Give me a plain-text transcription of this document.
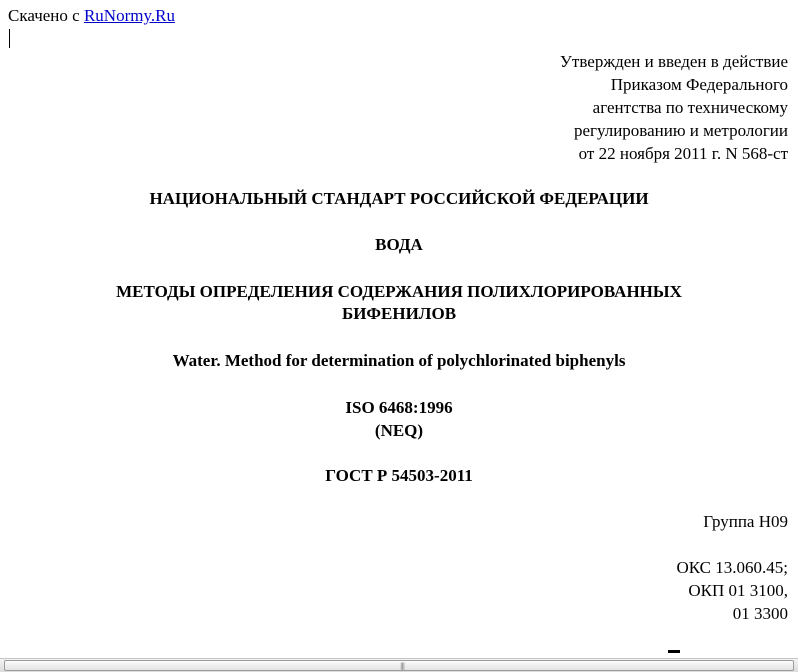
Скачено с RuNormy.Ru

Утвержден и введен в действие

Приказом Федерального

агентства по техническому

регулированию и метрологии

от 22 ноября 2011 г. N 568-ст

НАЦИОНАЛЬНЫЙ СТАНДАРТ РОССИЙСКОЙ ФЕДЕРАЦИИ

ВОДА

МЕТОДЫ ОПРЕДЕЛЕНИЯ СОДЕРЖАНИЯ ПОЛИХЛОРИРОВАННЫХ

БИФЕНИЛОВ

Water. Method for determination of polychlorinated biphenyls

ISO 6468:1996

(NEQ)

ГОСТ Р 54503-2011

Группа Н09

ОКС 13.060.45;

ОКП 01 3100,

01 3300

|||
